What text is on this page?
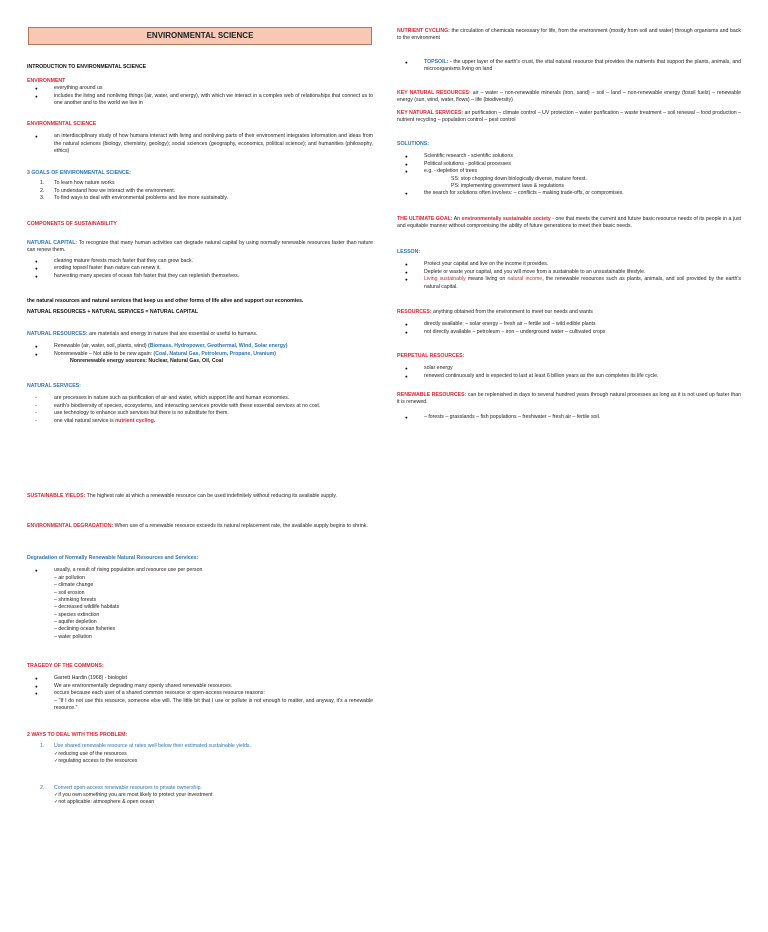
ENVIRONMENTAL SCIENCE
INTRODUCTION TO ENVIRONMENTAL SCIENCE
ENVIRONMENT
● everything around us
● includes the living and nonliving things (air, water, and energy), with which we interact in a complex web of relationships that connect us to one another and to the world we live in
ENVIRONMENTAL SCIENCE
● an interdisciplinary study of how humans interact with living and nonliving parts of their environment integrates information and ideas from the natural sciences (biology, chemistry, geology); social sciences (geography, economics, political science); and humanities (philosophy, ethics)
3 GOALS OF ENVIRONMENTAL SCIENCE:
1. To learn how nature works
2. To understand how we interact with the environment.
3. To find ways to deal with environmental problems and live more sustainably.
COMPONENTS OF SUSTAINABILITY
NATURAL CAPITAL: To recognize that many human activities can degrade natural capital by using normally renewable resources faster than nature can renew them.
● clearing mature forests much faster that they can grow back.
● eroding topsoil faster than nature can renew it.
● harvesting many species of ocean fish faster that they can replenish themselves.
the natural resources and natural services that keep us and other forms of life alive and support our economies.
NATURAL RESOURCES + NATURAL SERVICES = NATURAL CAPITAL
NATURAL RESOURCES: are materials and energy in nature that are essential or useful to humans.
● Renewable (air, water, soil, plants, wind) (Biomass, Hydropower, Geothermal, Wind, Solar energy)
● Nonrenewable – Not able to be new again: (Coal, Natural Gas, Petroleum, Propane, Uranium)
Nonrenewable energy sources: Nuclear, Natural Gas, Oil, Coal
NATURAL SERVICES:
- are processes in nature such as purification of air and water, which support life and human economies.
- earth's biodiversity of species, ecosystems, and interacting services provide with these essential services at no cost.
- use technology to enhance such services but there is no substitute for them.
- one vital natural service is nutrient cycling.
SUSTAINABLE YIELDS: The highest rate at which a renewable resource can be used indefinitely without reducing its available supply.
ENVIRONMENTAL DEGRADATION: When use of a renewable resource exceeds its natural replacement rate, the available supply begins to shrink.
Degradation of Normally Renewable Natural Resources and Services:
● usually, a result of rising population and resource use per person
– air pollution
– climate change
– soil erosion
– shrinking forests
– decreased wildlife habitats
– species extinction
– aquifer depletion
– declining ocean fisheries
– water pollution
TRAGEDY OF THE COMMONS:
● Garrett Hardin (1968) - biologist
● We are environmentally degrading many openly shared renewable resources.
● occurs because each user of a shared common resource or open-access resource reasons:
– "If I do not use this resource, someone else will. The little bit that I use or pollute is not enough to matter, and anyway, it's a renewable resource."
2 WAYS TO DEAL WITH THIS PROBLEM:
1. Use shared renewable resource at rates well below their estimated sustainable yields.
✓reducing use of the resources
✓regulating access to the resources
2. Convert open-access renewable resources to private ownership.
✓if you own something you are most likely to protect your investment
✓not applicable: atmosphere & open ocean
NUTRIENT CYCLING: the circulation of chemicals necessary for life, from the environment (mostly from soil and water) through organisms and back to the environment
● TOPSOIL: - the upper layer of the earth's crust, the vital natural resource that provides the nutrients that support the plants, animals, and microorganisms living on land
KEY NATURAL RESOURCES: air – water – non-renewable minerals (iron, sand) – soil – land – non-renewable energy (fossil fuels) – renewable energy (sun, wind, water, flows) – life (biodiversity)
KEY NATURAL SERVICES: air purification – climate control – UV protection – water purification – waste treatment – soil renewal – food production – nutrient recycling – population control – pest control
SOLUTIONS:
● Scientific research - scientific solutions
● Political solutions - political processes
● e.g. - depletion of trees
SS: stop chopping down biologically diverse, mature forest.
PS: implementing government laws & regulations
● the search for solutions often involves: – conflicts – making trade-offs, or compromises.
THE ULTIMATE GOAL: An environmentally sustainable society - one that meets the current and future basic resource needs of its people in a just and equitable manner without compromising the ability of future generations to meet their basic needs.
LESSON:
● Protect your capital and live on the income it provides.
● Deplete or waste your capital, and you will move from a sustainable to an unsustainable lifestyle.
● Living sustainably means living on natural income, the renewable resources such as plants, animals, and soil provided by the earth's natural capital.
RESOURCES: anything obtained from the environment to meet our needs and wants
● directly available: – solar energy – fresh air – fertile soil – wild edible plants
● not directly available – petroleum – iron – underground water – cultivated crops
PERPETUAL RESOURCES:
● solar energy
● renewed continuously and is expected to last at least 6 billion years as the sun completes its life cycle.
RENEWABLE RESOURCES: can be replenished in days to several hundred years through natural processes as long as it is not used up faster than it is renewed.
● – forests – grasslands – fish populations – freshwater – fresh air – fertile soil.
